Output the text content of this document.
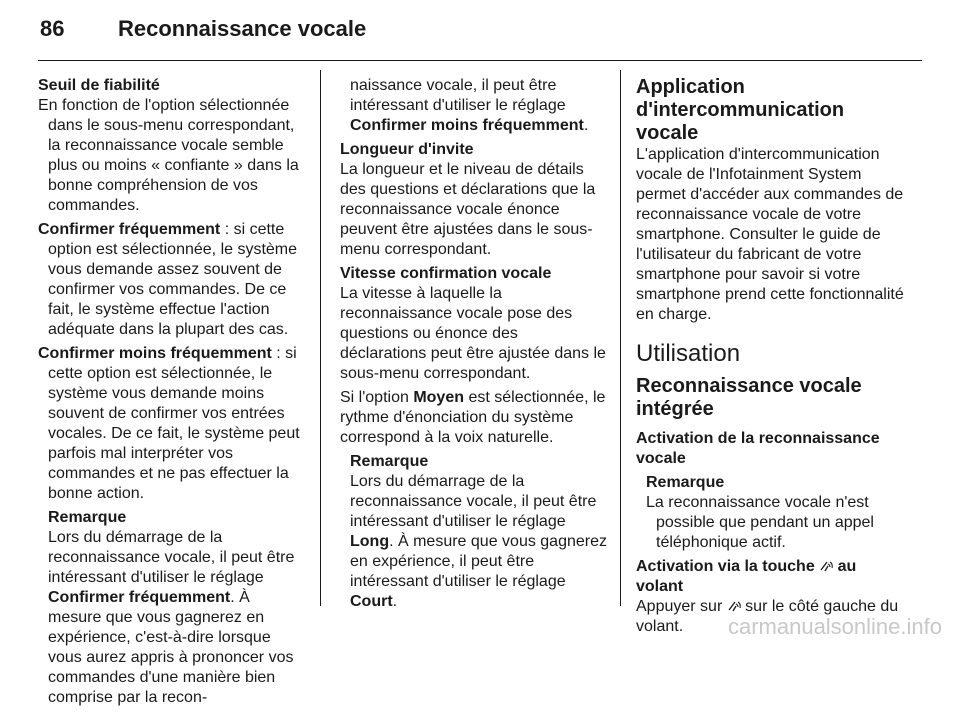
86 Reconnaissance vocale

Seuil de fiabilité

En fonction de l'option sélectionnée dans le sous-menu correspondant, la reconnaissance vocale semble plus ou moins « confiante » dans la bonne compréhension de vos commandes.

Confirmer fréquemment : si cette option est sélectionnée, le système vous demande assez souvent de confirmer vos commandes. De ce fait, le système effectue l'action adéquate dans la plupart des cas.

Confirmer moins fréquemment : si cette option est sélectionnée, le système vous demande moins souvent de confirmer vos entrées vocales. De ce fait, le système peut parfois mal interpréter vos commandes et ne pas effectuer la bonne action.

Remarque

Lors du démarrage de la reconnaissance vocale, il peut être intéressant d'utiliser le réglage Confirmer fréquemment. À mesure que vous gagnerez en expérience, c'est-à-dire lorsque vous aurez appris à prononcer vos commandes d'une manière bien comprise par la recon-

naissance vocale, il peut être intéressant d'utiliser le réglage Confirmer moins fréquemment.

Longueur d'invite

La longueur et le niveau de détails des questions et déclarations que la reconnaissance vocale énonce peuvent être ajustées dans le sous-menu correspondant.

Vitesse confirmation vocale

La vitesse à laquelle la reconnaissance vocale pose des questions ou énonce des déclarations peut être ajustée dans le sous-menu correspondant.

Si l'option Moyen est sélectionnée, le rythme d'énonciation du système correspond à la voix naturelle.

Remarque

Lors du démarrage de la reconnaissance vocale, il peut être intéressant d'utiliser le réglage Long. À mesure que vous gagnerez en expérience, il peut être intéressant d'utiliser le réglage Court.

Application d'intercommunication vocale

L'application d'intercommunication vocale de l'Infotainment System permet d'accéder aux commandes de reconnaissance vocale de votre smartphone. Consulter le guide de l'utilisateur du fabricant de votre smartphone pour savoir si votre smartphone prend cette fonctionnalité en charge.

Utilisation

Reconnaissance vocale intégrée

Activation de la reconnaissance vocale

Remarque

La reconnaissance vocale n'est possible que pendant un appel téléphonique actif.

Activation via la touche  au volant

Appuyer sur  sur le côté gauche du volant.	carmanualsonline.info
